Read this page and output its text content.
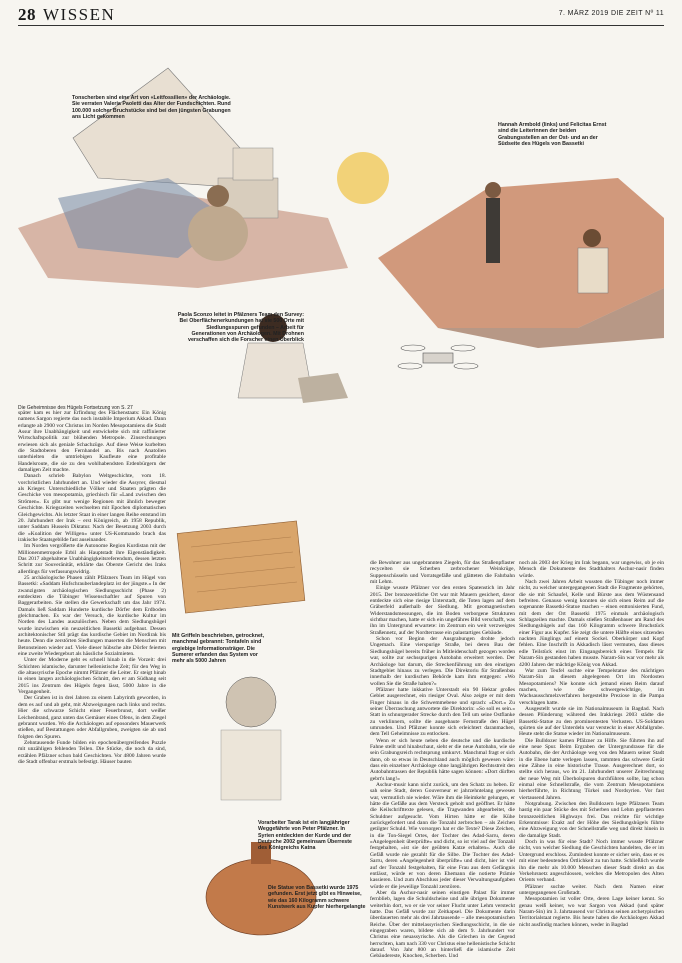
28 WISSEN	7. MÄRZ 2019 DIE ZEIT Nº 11
Tonscherben sind eine Art von «Leitfossilien» der Archäologie. Sie verraten Valeria Paoletti das Alter der Fundschichten. Rund 100.000 solcher Bruchstücke sind bei den jüngsten Grabungen ans Licht gekommen
Hannah Armbold (links) und Felicitas Ernst sind die Leiterinnen der beiden Grabungsstellen an der Ost- und an der Südseite des Hügels von Bassetki
Paola Sconzo leitet in Pfälzners Team den Survey: Bei Oberflächenerkundungen hat sie 500 Orte mit Siedlungsspuren gefunden – Arbeit für Generationen von Archäologen. Mit Drohnen verschaffen sich die Forscher einen Überblick
Die Geheimnisse des Hügels Fortsetzung von S. 27
Mit Griffeln beschrieben, getrocknet, manchmal gebrannt: Tontafeln sind ergiebige Informationsträger. Die Sumerer erfanden das System vor mehr als 5000 Jahren
Vorarbeiter Tarak ist ein langjähriger Weggefährte von Peter Pfälzner. In Syrien entdeckten der Kurde und der Deutsche 2002 gemeinsam Überreste des Königreichs Katna
Die Statue von Bassetki wurde 1975 gefunden. Erst jetzt gibt es Hinweise, wie das 160 Kilogramm schwere Kunstwerk aus Kupfer hierhergelangte

später kam es hier zur Erfindung des Flächenstaats: Ein König namens Sargon regierte das noch instabile Imperium Akkad. Dann erlangte ab 2900 vor Christus im Norden Mesopotamiens die Stadt Assur ihre Unabhängigkeit und entwickelte sich mit raffinierter Wirtschaftspolitik zur blühenden Metropole. Zinsrechnungen erwiesen sich als geniale Schachzüge. Auf diese Weise kurbelten die Stadtoberen den Fernhandel an. Bis nach Anatolien unterhielten die umtriebigen Kaufleute eine profitable Handelsroute, die sie zu den wohlhabendsten Erdenbürgern der damaligen Zeit machte.

Danach schrieb Babylon Weltgeschichte, vom 18. vorchristlichen Jahrhundert an. Und wieder die Assyrer, diesmal als Krieger. Unterschiedliche Völker und Staaten prägten die Geschicke von mesopotamia, griechisch für »Land zwischen den Strömen«. Es gibt nur wenige Regionen mit ähnlich bewegter Geschichte. Kriegszeiten wechselten mit Epochen diplomatischen Gleichgewichts. Als letzter Staat in einer langen Reihe entstand im 20. Jahrhundert der Irak – erst Königreich, ab 1958 Republik, unter Saddam Hussein Diktatur. Nach der Besetzung 2003 durch die »Koalition der Willigen« unter US-Kommando brach das irakische Staatsgebilde fast auseinander.

Im Norden vergrößerte die Autonome Region Kurdistan mit der Millionenmetropole Erbil als Hauptstadt ihre Eigenständigkeit. Das 2017 abgehaltene Unabhängigkeitsreferendum, dessen letzten Schritt zur Souveränität, erklärte das Oberste Gericht des Iraks allerdings für verfassungswidrig.

25 archäologische Phasen zählt Pfälzners Team im Hügel von Bassetki: »Saddam Hufschrauberlandeplatz ist der jüngste.« In der zwanzigsten archäologischen Siedlungsschicht (Phase 2) entdeckten die Tübinger Wissenschaftler auf Spuren von Baggerarbeiten. Sie stellen die Gewerkschaft um das Jahr 1974. Damals ließ Saddam Hunderte kurdische Dörfer dem Erdboden gleichmachen. Es war der Versuch, die kurdische Kultur im Norden des Landes auszulöschen. Neben dem Siedlungshügel wurde inzwischen ein neuzeitlichen Bassetki aufgebaut. Dessen architektonischer Stil prägt das kurdische Gebiet im Nordirak bis heute. Denn die zerstörten Siedlungen maserten die Menschen mit Betonsteinen wieder auf. Viele dieser hübsche alte Dörfer feierten eine zweite Wiedergeburt als hässliche Sozialmieten.

Unter der Moderne geht es schnell hinab in die Vorzeit: drei Schichten islamische, darunter hellenistische Zeit; für den Weg in die altassyrische Epoche nimmt Pfälzner die Leiter. Er steigt hinab in einen langen archäologischen Schnitt, den er am Südhang seit 2015 ins Zentrum des Hügels fegen lässt, 5000 Jahre in die Vergangenheit.

Der Graben ist in drei Jahren zu einem Labyrinth geworden, in dem es auf und ab geht, mit Abzweigungen nach links und rechts. Hier die schwarze Schicht einer Feuerbrunst, dort weißer Leichenbrand, ganz unten das Gemäuer eines Ofens, in dem Ziegel gebrannt wurden. Wo die Archäologen auf eposonders Mauerwerk stießen, auf Bestattungen oder Abfallgruben, zweigten sie ab und folgten den Spuren.

Zehntausende Funde bilden ein epochenübergreifendes Puzzle mit unzähligen fehlenden Teilen. Die Stücke, die noch da sind, erzählen Pfälzner schon bald Geschichten. Vor 4800 Jahren wurde die Stadt offenbar erstmals befestigt. Häuser bauten

die Bewohner aus ungebrannten Ziegeln, für das Straßenpflaster recycelten sie Scherben zerbrochener Weinkrüge, Suppenschüsseln und Vorratsgefäße und glätteten die Fahrbahn mit Lehm.

Einige wusste Pfälzner vor den ersten Spatenstich im Jahr 2015. Der bronzezeitliche Ort war mit Mauern gesichert, davor entdeckte sich eine riesige Unterstadt, die Toten lagen auf dem Gräberfeld außerhalb der Siedlung. Mit geomagnetischen Widerstandsmessungen, die im Boden verborgene Strukturen sichtbar machen, hatte er sich ein ungefähres Bild verschafft, was ihn im Untergrund erwartete: im Zentrum ein weit verzweigtes Straßennetz, auf der Nordterrasse ein palastartiges Gebäude.

Schon vor Beginn der Ausgrabungen drohte jedoch Ungemach. Eine vierspurige Straße, bei deren Bau der Siedlungshügel bereits früher in Mitleidenschaft gezogen worden war, sollte zur sechsspurigen Autobahn erweitert werden. Der Archäologe bat darum, die Streckenführung um den einstigen Stadtgebiet hinaus zu verlegen. Die Direktoriu für Straßenbau innerhalb der kurdischen Behörde kam ihm entgegen: »Wo wollen Sie die Straße haben?«

Pfälzner hatte inkkative Unterstadt ein 90 Hektar großes Gebiet ausgerechnet, ein riesiger Oval. Also zeigte er mit dem Finger hinaus in die Schwemmebene und sprach: »Dort.« Zu seiner Überraschung antwortete die Direktorin: »So soll es sein.« Statt in schnurgerader Strecke durch den Tell um seine Ostflanke zu verklinnern, sollte die ausgebaute Fernstraße den Hügel umrunden. Und Pfälzner konnte sich erleichtert daranmachen, dem Tell Geheimnisse zu entlocken.

Wenn er sich heute neben die deutsche und die kurdische Fahne stellt und hinabschaut, sieht er die neue Autobahn, wie sie sein Grabungsreich rechtsprung umkurvt. Manchmal fragt er sich dann, ob so etwas in Deutschland auch möglich gewesen wäre: dass ein einzelner Archäologe ohne langjährigen Rechtsstreit den Autobahntrassen der Republik hätte sagen können: »Dort dürften gebrt's lang!«

Aschur-musir kann nicht zurück, um den Schatz zu heben. Er sah seine Stadt, deren Gouverneur er jahrzehntelang gewesen war, vermutlich nie wieder. Wäre ihm die Heimkehr gelungen, er hätte die Gefäße aus dem Versteck geholt und geöffnet. Er hätte die Keilschrifttexte gelesen, die Tragwanden abgearbeitet, die Schuldner aufgesucht. Vom Hirten hätte er die Kühe zurückgefordert und dann die Tonzahl zerbrochen – als Zeichen getilgter Schuld. Wie vorsorgen hat er die Texte? Diese Zeichen, in die Ton-Siegel Ortes, der Tochter des Adad-Sarru, deren »Angelegenheit überprüfte« und dicht, so ist viel auf der Tonzahl festgehalten, »ist sie der geübten Katze erhalten«. Auch die Gefäß wurde nie gezahlt für die Silbe. Die Tochter des Adad-Sarru, deren »Angelegenheit überprüfte« und dicht, hier ist viel auf der Tonzahl festgehalten, für eine Frau aus dem Gefängnis entlässt, würde er von deren Ehemann die notierte Prämie kassieren. Und zum Abschluss jeder dieser Verwaltungsaufgaben würde er die jeweilige Tonzahl zerstören.

Aber da Aschur-nasir seinen einstigen Palast für immer fernblieb, lagen die Schuldscheine und alle übrigen Dokumente weiterhin dort, wo er sie vor seiner Flucht unter Lehm versteckt hatte. Das Gefäß wurde zur Zeitkapsel. Die Dokumente darin überdauerten mehr als drei Jahrtausende – alle mesopotamischen Reiche. Über der mittelassyrischen Siedlungsschicht, in die sie eingegraben waren, bildete sich ab dem 9. Jahrhundert vor Christus eine neuassyrische. Als die Griechen in der Gegend herrschten, kam nach 330 vor Christus eine hellenistische Schicht darauf. Von Jahr 800 an hinterließ die islamische Zeit Gebäudereste, Knochen, Scherben. Und

noch als 2003 der Krieg im Irak begann, war ungewiss, ob je ein Mensch die Dokumente des Stadthalters Aschur-nasir finden würde.

Nach zwei Jahren Arbeit wussten die Tübinger noch immer nicht, zu welcher untergegangenen Stadt die Fragmente gehörten, die sie mit Schaufel, Kelle und Bürste aus dem Wüstensand befreiten. Genauso wenig konnten sie sich einen Reim auf die sogenannte Bassetki-Statue machen – einen enttonisierten Fund, mit dem der Ort Bassetki 1975 einmals archäologisch Schlagzeilen machte. Damals stießen Straßenbauer am Rand des Siedlungshügels auf das 160 Kilogramm schwere Bruchstück einer Figur aus Kupfer. Sie zeigt die untere Hälfte eines sitzenden nackten Jünglings auf einem Sockel. Oberkörper und Kopf fehlen. Eine Inschrift in Akkadisch lässt vermuten, dass dieses edle Teilstück einst im Eingangsbereich eines Tempels für Naram-Sin gestanden haben musste. Naram-Sin war vor mehr als 4200 Jahren der mächtige König von Akkad.

War zum Teufel suchte eine Tempelstatue des mächtigen Naram-Sin an diesem abgelegenen Ort im Nordosten Mesopotamiens? Nie konnte sich jemand einen Reim darauf machen, wie die schwergewichtige, im Wachsausschmelzverfahren hergestellte Preziose in die Pampa verschlagen hatte.

Ausgestellt wurde sie im Nationalmuseum in Bagdad. Nach dessen Plünderung während des Irakkriegs 2003 städte die Bassetki-Statue zu den prominentesten Verlusten. US-Soldaten spürten sie auf der Unterdeln war versteckt in einer Abfallgrube. Heute steht die Statue wieder im Nationalmuseum.

Die Bulldozer kamen Pfälzner zu Hilfe. Sie führten ihn auf eine neue Spur. Beim Ergraben der Untergrundrasse für die Autobahn, die der Archäologe weg von den Mauern seiner Stadt in die Ebene hatte verlegen lassen, rammten das schwere Gerät eine Zähne in eine historische Trasse. Ausgerechnet dort, so stellte sich heraus, wo im 21. Jahrhundert unserer Zeitrechnung der neue Weg mit Überholspuren durchführen sollte, lag schon einmal eine Schnellstraße, die vom Zentrum Mesopotamiens hierherführte, in Richtung Türkei und Nordsyrien. Vor fast viertausend Jahren.

Notgrabung. Zwischen den Bulldozern legte Pfälzners Team hastig ein paar Stücke des mit Scherben und Lehm gepflasterten bronzezeitlichen Highways frei. Das reichte für wichtige Erkenntnisse: Exakt auf der Höhe des Siedlungshügels führte eine Abzweigung von der Schnellstraße weg und direkt hinein in die damalige Stadt.

Doch in was für eine Stadt? Noch immer wusste Pfälzner nicht, von welcher Siedlung die Geschichten handelten, die er im Untergrund erschloss. Zumindest konnte er sicher sein, dass er es mit einer bedeutenden Örtlichkeit zu tun hatte. Schließlich wurde ihn die mehr als 10.000 Menschen dieser Stadt direkt an das Verkehrsnetz angeschlossen, welches die Metropolen des Alten Orients verband.

Pfälzner suchte weiter. Nach dem Namen einer untergegangenen Großstadt.

Mesopotamien ist voller Orte, deren Lage keiner kennt. So genau weiß keiner, wo war Sargon von Akkad (und später Naram-Sin) im 3. Jahrtausend vor Christus seinen archetypischen Territorialstaat regierte. Bis heute haben die Archäologen Akkad nicht ausfindig machen können, weder in Bagdad
